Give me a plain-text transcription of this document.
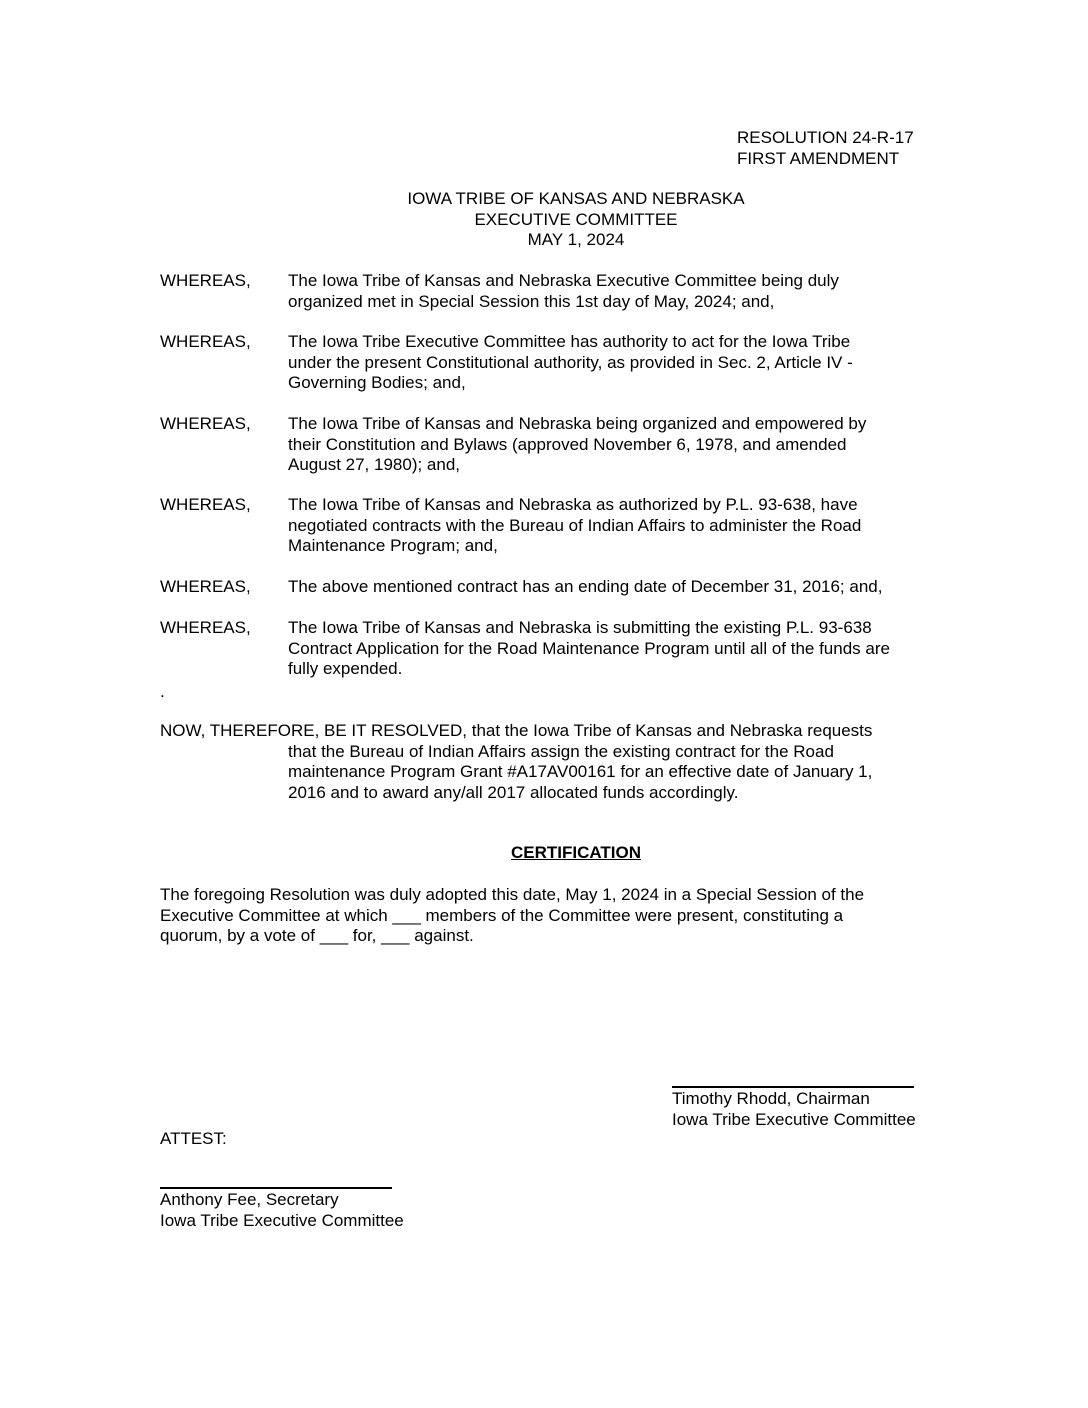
RESOLUTION 24-R-17
FIRST AMENDMENT
IOWA TRIBE OF KANSAS AND NEBRASKA
EXECUTIVE COMMITTEE
MAY 1, 2024
WHEREAS, The Iowa Tribe of Kansas and Nebraska Executive Committee being duly
organized met in Special Session this 1st day of May, 2024; and,
WHEREAS, The Iowa Tribe Executive Committee has authority to act for the Iowa Tribe
under the present Constitutional authority, as provided in Sec. 2, Article IV -
Governing Bodies; and,
WHEREAS, The Iowa Tribe of Kansas and Nebraska being organized and empowered by
their Constitution and Bylaws (approved November 6, 1978, and amended
August 27, 1980); and,
WHEREAS, The Iowa Tribe of Kansas and Nebraska as authorized by P.L. 93-638, have
negotiated contracts with the Bureau of Indian Affairs to administer the Road
Maintenance Program; and,
WHEREAS, The above mentioned contract has an ending date of December 31, 2016; and,
WHEREAS, The Iowa Tribe of Kansas and Nebraska is submitting the existing P.L. 93-638
Contract Application for the Road Maintenance Program until all of the funds are
fully expended.
.
NOW, THEREFORE, BE IT RESOLVED, that the Iowa Tribe of Kansas and Nebraska requests
that the Bureau of Indian Affairs assign the existing contract for the Road
maintenance Program Grant #A17AV00161 for an effective date of January 1,
2016 and to award any/all 2017 allocated funds accordingly.
CERTIFICATION
The foregoing Resolution was duly adopted this date, May 1, 2024 in a Special Session of the
Executive Committee at which ___ members of the Committee were present, constituting a
quorum, by a vote of ___ for, ___ against.
Timothy Rhodd, Chairman
Iowa Tribe Executive Committee
ATTEST:
Anthony Fee, Secretary
Iowa Tribe Executive Committee
